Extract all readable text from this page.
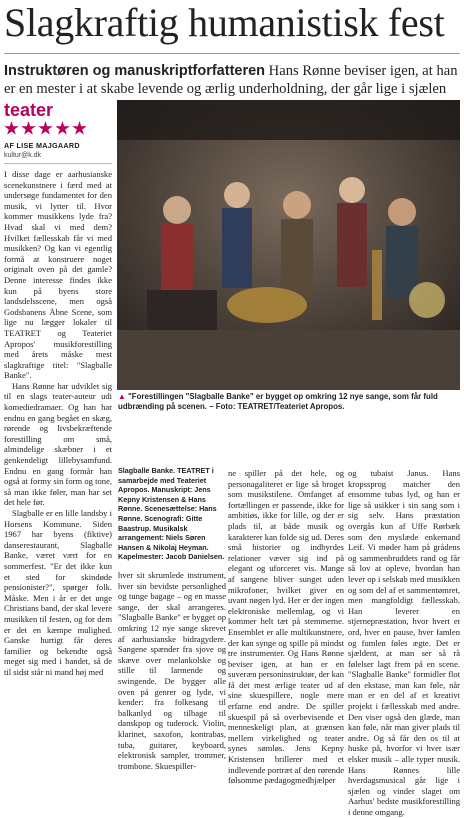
Slagkraftig humanistisk fest
Instruktøren og manuskriptforfatteren Hans Rønne beviser igen, at han er en mester i at skabe levende og ærlig underholdning, der går lige i sjælen
teater
AF LISE MAJGAARD
kultur@k.dk

I disse dage er aarhusianske scenekunstnere i færd med at undersøge fundamentet for den musik, vi lytter til. Hvor kommer musikkens lyde fra? Hvad skal vi med dem? Hvilket fællesskab får vi med musikken? Og kan vi egentlig formå at konstruere noget originalt oven på det gamle? Denne interesse findes ikke kun på byens store landsdelsscene, men også Godsbanens Åbne Scene, som lige nu lægger lokaler til TEATRET og Teateriet Apropos' musikforestilling med årets måske mest slagkraftige titel: "Slagballe Banke".

Hans Rønne har udviklet sig til en slags teater-auteur udi komediedramaer. Og han har endnu en gang begået en skæg, rørende og livsbekræftende forestilling om små, almindelige skæbner i et genkendeligt lillebysamfund. Endnu en gang formår han også at formy sin form og tone, så man ikke føler, man har set det hele før.

Slagballe er en lille landsby i Horsens Kommune. Siden 1967 har byens (fiktive) danserestaurant, Slagballe Banke, været vært for en sommerfest. "Er det ikke kun et sted for skindøde pensionister?", spørger folk. Måske. Men i år er det unge Christians band, der skal levere musikken til festen, og for dem er det en kæmpe mulighed. Ganske hurtigt får deres familier og bekendte også meget sig med i bandet, så de til sidst står ni mand høj med

▲ "Forestillingen "Slagballe Banke" er bygget op omkring 12 nye sange, som får fuld udbrænding på scenen. – Foto: TEATRET/Teateriet Apropos.
Slagballe Banke. TEATRET i samarbejde med Teateriet Apropos. Manuskript: Jens Kepny Kristensen & Hans Rønne. Scenesættelse: Hans Rønne. Scenografi: Gitte Baastrup. Musikalsk arrangement: Niels Søren Hansen & Nikolaj Heyman. Kapelmester: Jacob Danielsen.
hver sit skrumlede instrument, hver sin bevidste personlighed og tunge bagage – og en masse sange, der skal arrangeres. "Slagballe Banke" er bygget op omkring 12 nye sange skrevet af aarhusianske bidragydere. Sangene spænder fra sjove og skæve over melankolske og stille til larmende og swingende. De bygger alle oven på genrer og lyde, vi kender: fra folkesang til balkanlyd og tilbage til danskpop og tuderock. Violin, klarinet, saxofon, kontrabas, tuba, guitarer, keyboard, elektronisk sampler, trommer, trombone. Skuespiller-
ne spiller på det hele, og personagaliteret er lige så broget som musikstilene. Omfanget af fortællingen er passende, ikke for ambitiøs, ikke for lille, og der er plads til, at både musik og karakterer kan folde sig ud. Deres små historier og indbyrdes relationer væver sig ind på elegant og uforceret vis. Mange af sangene bliver sunget uden mikrofoner, hvilket giver en uvant nøgen lyd. Her er der ingen elektroniske mellemlag, og vi kommer helt tæt på stemmerne. Ensemblet er alle multikunstnere, der kan synge og spille på mindst tre instrumenter. Og Hans Rønne beviser igen, at han er en suveræn personinstruktør, der kan få det mest ærlige teater ud af sine skuespillere, nogle mere erfarne end andre. De spiller skuespil på så overbevisende et menneskeligt plan, at grænsen mellem virkelighed og teater synes sømløs. Jens Kepny Kristensen brillerer med et indlevende portræt af den rørende følsomme pædagogmedhjælper
og tubaist Janus. Hans kropssprog matcher den ensomme tubas lyd, og han er lige så usikker i sin sang som i sig selv. Hans præstation overgås kun af Uffe Rørbæk som den myslæde enkemand Leif. Vi møder ham på grådens og sammenbruddets rand og får så lov at opleve, hvordan han lever op i selskab med musikken og som del af et sammentømret, men mangfoldigt fællesskab. Han leverer en stjernepræstation, hvor hvert et ord, hver en pause, hver famlen og fumlen føles ægte. Det er sjældent, at man ser så rå følelser lagt frem på en scene. "Slagballe Banke" formidler flot den ekstase, man kan føle, når man er en del af et kreativt projekt i fællesskab med andre. Den viser også den glæde, man kan føle, når man giver plads til andre. Og så får den os til at huske på, hvorfor vi hver især elsker musik – alle typer musik. Hans Rønnes lille hverdagsmusical går lige i sjælen og vinder slaget om Aarhus' bedste musikforestilling i denne omgang.
